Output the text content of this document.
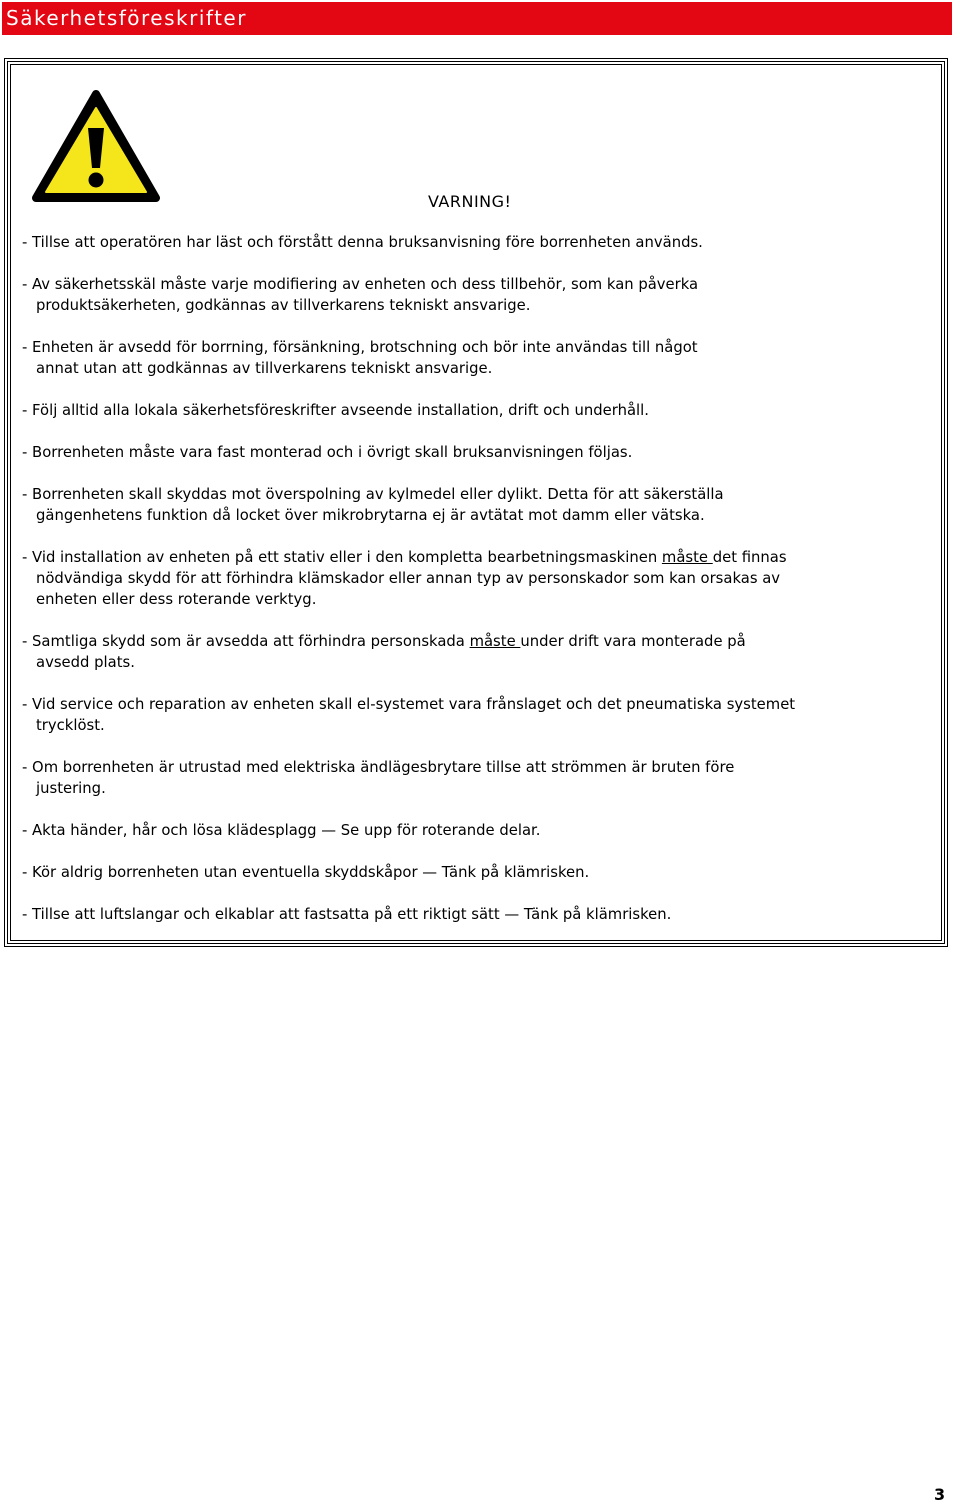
Säkerhetsföreskrifter
VARNING!
- Tillse att operatören har läst och förstått denna bruksanvisning före borrenheten används.
- Av säkerhetsskäl måste varje modifiering av enheten och dess tillbehör, som kan påverka
produktsäkerheten, godkännas av tillverkarens tekniskt ansvarige.
- Enheten är avsedd för borrning, försänkning, brotschning och bör inte användas till något
annat utan att godkännas av tillverkarens tekniskt ansvarige.
- Följ alltid alla lokala säkerhetsföreskrifter avseende installation, drift och underhåll.
- Borrenheten måste vara fast monterad och i övrigt skall bruksanvisningen följas.
- Borrenheten skall skyddas mot överspolning av kylmedel eller dylikt. Detta för att säkerställa
gängenhetens funktion då locket över mikrobrytarna ej är avtätat mot damm eller vätska.
- Vid installation av enheten på ett stativ eller i den kompletta bearbetningsmaskinen måste det finnas
nödvändiga skydd för att förhindra klämskador eller annan typ av personskador som kan orsakas av
enheten eller dess roterande verktyg.
- Samtliga skydd som är avsedda att förhindra personskada måste under drift vara monterade på
avsedd plats.
- Vid service och reparation av enheten skall el-systemet vara frånslaget och det pneumatiska systemet
trycklöst.
- Om borrenheten är utrustad med elektriska ändlägesbrytare tillse att strömmen är bruten före
justering.
- Akta händer, hår och lösa klädesplagg — Se upp för roterande delar.
- Kör aldrig borrenheten utan eventuella skyddskåpor — Tänk på klämrisken.
- Tillse att luftslangar och elkablar att fastsatta på ett riktigt sätt — Tänk på klämrisken.
3
